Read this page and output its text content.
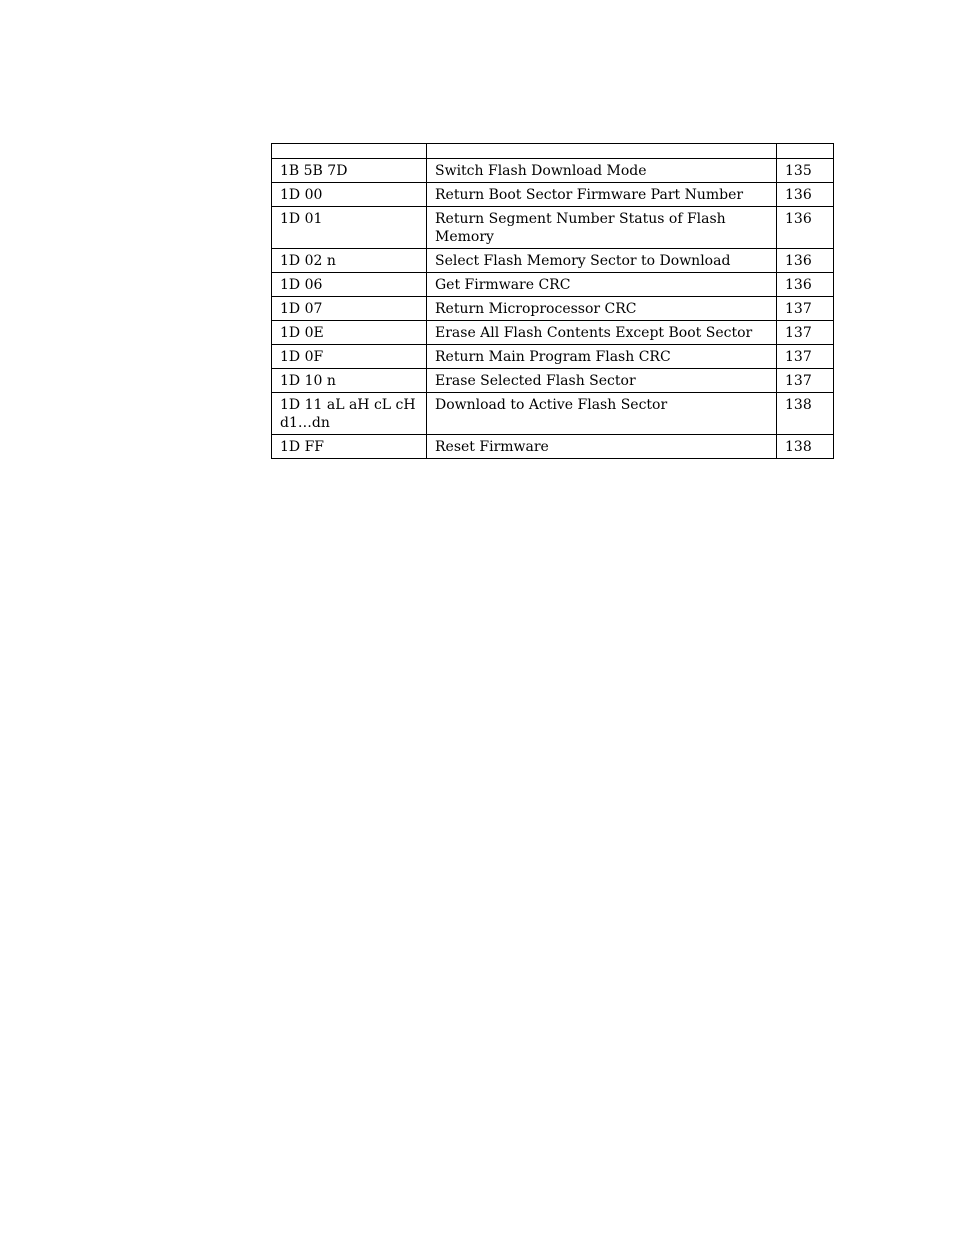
1B 5B 7D	Switch Flash Download Mode	135
1D 00	Return Boot Sector Firmware Part Number	136
1D 01	Return Segment Number Status of Flash Memory	136
1D 02 n	Select Flash Memory Sector to Download	136
1D 06	Get Firmware CRC	136
1D 07	Return Microprocessor CRC	137
1D 0E	Erase All Flash Contents Except Boot Sector	137
1D 0F	Return Main Program Flash CRC	137
1D 10 n	Erase Selected Flash Sector	137
1D 11 aL aH cL cH d1…dn	Download to Active Flash Sector	138
1D FF	Reset Firmware	138
